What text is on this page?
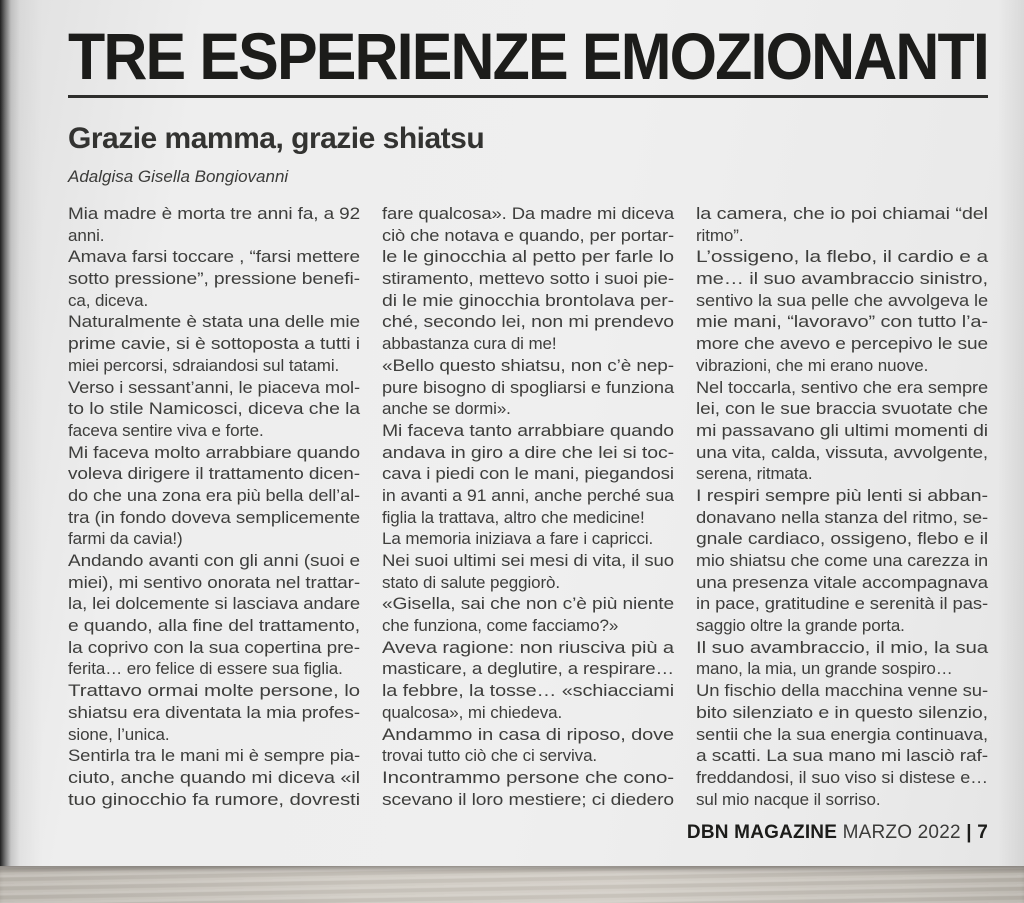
TRE ESPERIENZE EMOZIONANTI
Grazie mamma, grazie shiatsu
Adalgisa Gisella Bongiovanni
Mia madre è morta tre anni fa, a 92
anni.
Amava farsi toccare , “farsi mettere
sotto pressione”, pressione benefi-
ca, diceva.
Naturalmente è stata una delle mie
prime cavie, si è sottoposta a tutti i
miei percorsi, sdraiandosi sul tatami.
Verso i sessant’anni, le piaceva mol-
to lo stile Namicosci, diceva che la
faceva sentire viva e forte.
Mi faceva molto arrabbiare quando
voleva dirigere il trattamento dicen-
do che una zona era più bella dell’al-
tra (in fondo doveva semplicemente
farmi da cavia!)
Andando avanti con gli anni (suoi e
miei), mi sentivo onorata nel trattar-
la, lei dolcemente si lasciava andare
e quando, alla fine del trattamento,
la coprivo con la sua copertina pre-
ferita… ero felice di essere sua figlia.
Trattavo ormai molte persone, lo
shiatsu era diventata la mia profes-
sione, l’unica.
Sentirla tra le mani mi è sempre pia-
ciuto, anche quando mi diceva «il
tuo ginocchio fa rumore, dovresti
fare qualcosa». Da madre mi diceva
ciò che notava e quando, per portar-
le le ginocchia al petto per farle lo
stiramento, mettevo sotto i suoi pie-
di le mie ginocchia brontolava per-
ché, secondo lei, non mi prendevo
abbastanza cura di me!
«Bello questo shiatsu, non c’è nep-
pure bisogno di spogliarsi e funziona
anche se dormi».
Mi faceva tanto arrabbiare quando
andava in giro a dire che lei si toc-
cava i piedi con le mani, piegandosi
in avanti a 91 anni, anche perché sua
figlia la trattava, altro che medicine!
La memoria iniziava a fare i capricci.
Nei suoi ultimi sei mesi di vita, il suo
stato di salute peggiorò.
«Gisella, sai che non c’è più niente
che funziona, come facciamo?»
Aveva ragione: non riusciva più a
masticare, a deglutire, a respirare…
la febbre, la tosse… «schiacciami
qualcosa», mi chiedeva.
Andammo in casa di riposo, dove
trovai tutto ciò che ci serviva.
Incontrammo persone che cono-
scevano il loro mestiere; ci diedero
la camera, che io poi chiamai “del
ritmo”.
L’ossigeno, la flebo, il cardio e a
me… il suo avambraccio sinistro,
sentivo la sua pelle che avvolgeva le
mie mani, “lavoravo” con tutto l’a-
more che avevo e percepivo le sue
vibrazioni, che mi erano nuove.
Nel toccarla, sentivo che era sempre
lei, con le sue braccia svuotate che
mi passavano gli ultimi momenti di
una vita, calda, vissuta, avvolgente,
serena, ritmata.
I respiri sempre più lenti si abban-
donavano nella stanza del ritmo, se-
gnale cardiaco, ossigeno, flebo e il
mio shiatsu che come una carezza in
una presenza vitale accompagnava
in pace, gratitudine e serenità il pas-
saggio oltre la grande porta.
Il suo avambraccio, il mio, la sua
mano, la mia, un grande sospiro…
Un fischio della macchina venne su-
bito silenziato e in questo silenzio,
sentii che la sua energia continuava,
a scatti. La sua mano mi lasciò raf-
freddandosi, il suo viso si distese e…
sul mio nacque il sorriso.
DBN MAGAZINE MARZO 2022 | 7
